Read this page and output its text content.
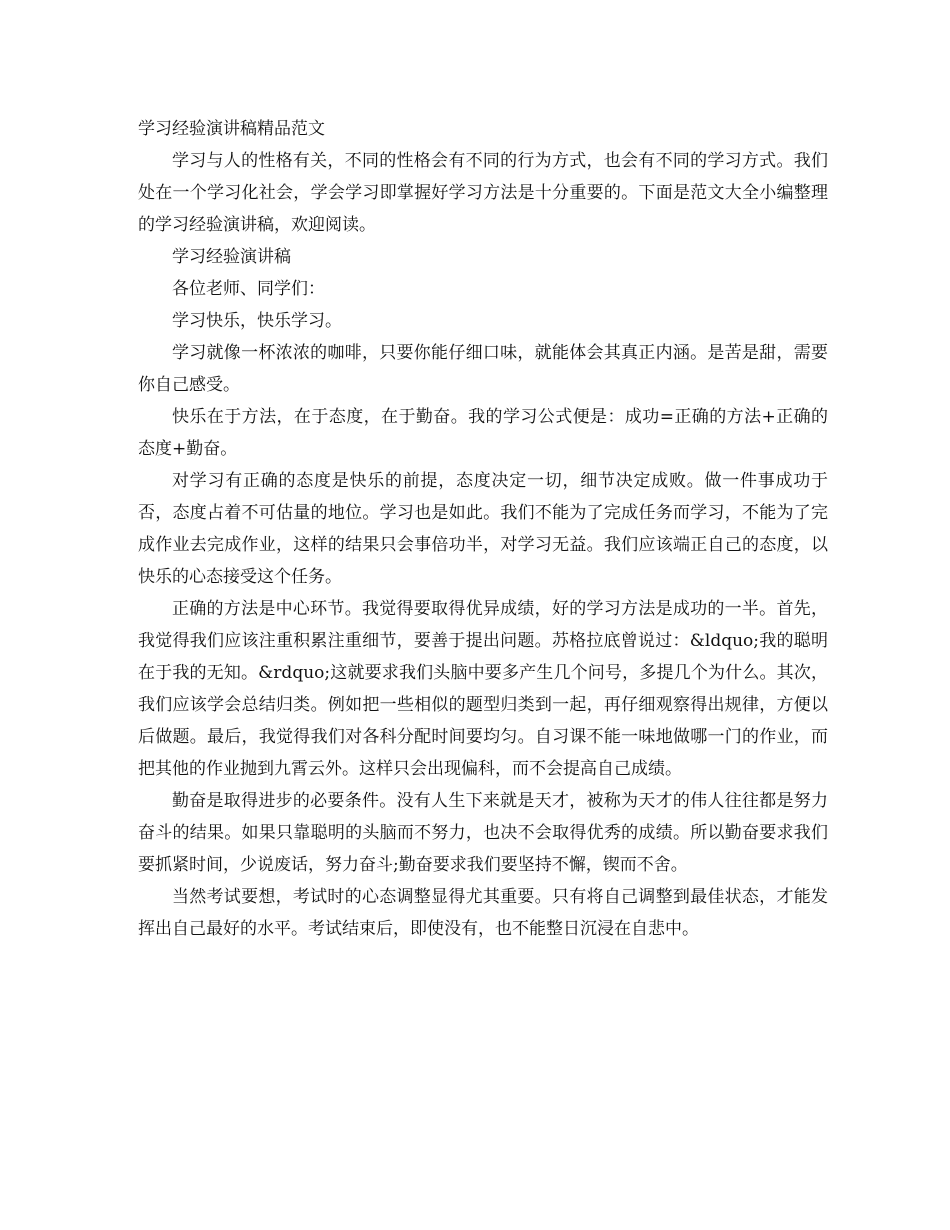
学习经验演讲稿精品范文

学习与人的性格有关，不同的性格会有不同的行为方式，也会有不同的学习方式。我们处在一个学习化社会，学会学习即掌握好学习方法是十分重要的。下面是范文大全小编整理的学习经验演讲稿，欢迎阅读。

学习经验演讲稿

各位老师、同学们：

学习快乐，快乐学习。

学习就像一杯浓浓的咖啡，只要你能仔细口味，就能体会其真正内涵。是苦是甜，需要你自己感受。

快乐在于方法，在于态度，在于勤奋。我的学习公式便是：成功=正确的方法+正确的态度+勤奋。

对学习有正确的态度是快乐的前提，态度决定一切，细节决定成败。做一件事成功于否，态度占着不可估量的地位。学习也是如此。我们不能为了完成任务而学习，不能为了完成作业去完成作业，这样的结果只会事倍功半，对学习无益。我们应该端正自己的态度，以快乐的心态接受这个任务。

正确的方法是中心环节。我觉得要取得优异成绩，好的学习方法是成功的一半。首先，我觉得我们应该注重积累注重细节，要善于提出问题。苏格拉底曾说过：&ldquo;我的聪明在于我的无知。&rdquo;这就要求我们头脑中要多产生几个问号，多提几个为什么。其次，我们应该学会总结归类。例如把一些相似的题型归类到一起，再仔细观察得出规律，方便以后做题。最后，我觉得我们对各科分配时间要均匀。自习课不能一味地做哪一门的作业，而把其他的作业抛到九霄云外。这样只会出现偏科，而不会提高自己成绩。

勤奋是取得进步的必要条件。没有人生下来就是天才，被称为天才的伟人往往都是努力奋斗的结果。如果只靠聪明的头脑而不努力，也决不会取得优秀的成绩。所以勤奋要求我们要抓紧时间，少说废话，努力奋斗;勤奋要求我们要坚持不懈，锲而不舍。

当然考试要想，考试时的心态调整显得尤其重要。只有将自己调整到最佳状态，才能发挥出自己最好的水平。考试结束后，即使没有，也不能整日沉浸在自悲中。
